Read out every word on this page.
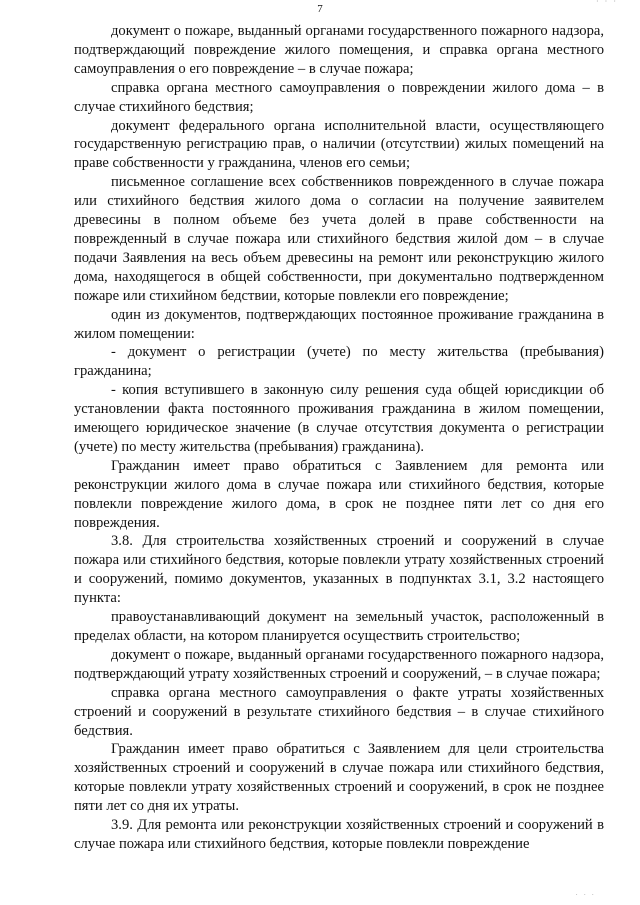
· · ·
7

документ о пожаре, выданный органами государственного пожарного надзора, подтверждающий повреждение жилого помещения, и справка органа местного самоуправления о его повреждение – в случае пожара;

справка органа местного самоуправления о повреждении жилого дома – в случае стихийного бедствия;

документ федерального органа исполнительной власти, осуществляющего государственную регистрацию прав, о наличии (отсутствии) жилых помещений на праве собственности у гражданина, членов его семьи;

письменное соглашение всех собственников поврежденного в случае пожара или стихийного бедствия жилого дома о согласии на получение заявителем древесины в полном объеме без учета долей в праве собственности на поврежденный в случае пожара или стихийного бедствия жилой дом – в случае подачи Заявления на весь объем древесины на ремонт или реконструкцию жилого дома, находящегося в общей собственности, при документально подтвержденном пожаре или стихийном бедствии, которые повлекли его повреждение;

один из документов, подтверждающих постоянное проживание гражданина в жилом помещении:

- документ о регистрации (учете) по месту жительства (пребывания) гражданина;

- копия вступившего в законную силу решения суда общей юрисдикции об установлении факта постоянного проживания гражданина в жилом помещении, имеющего юридическое значение (в случае отсутствия документа о регистрации (учете) по месту жительства (пребывания) гражданина).

Гражданин имеет право обратиться с Заявлением для ремонта или реконструкции жилого дома в случае пожара или стихийного бедствия, которые повлекли повреждение жилого дома, в срок не позднее пяти лет со дня его повреждения.

3.8. Для строительства хозяйственных строений и сооружений в случае пожара или стихийного бедствия, которые повлекли утрату хозяйственных строений и сооружений, помимо документов, указанных в подпунктах 3.1, 3.2 настоящего пункта:

правоустанавливающий документ на земельный участок, расположенный в пределах области, на котором планируется осуществить строительство;

документ о пожаре, выданный органами государственного пожарного надзора, подтверждающий утрату хозяйственных строений и сооружений, – в случае пожара;

справка органа местного самоуправления о факте утраты хозяйственных строений и сооружений в результате стихийного бедствия – в случае стихийного бедствия.

Гражданин имеет право обратиться с Заявлением для цели строительства хозяйственных строений и сооружений в случае пожара или стихийного бедствия, которые повлекли утрату хозяйственных строений и сооружений, в срок не позднее пяти лет со дня их утраты.

3.9. Для ремонта или реконструкции хозяйственных строений и сооружений в случае пожара или стихийного бедствия, которые повлекли повреждение

· · ·
